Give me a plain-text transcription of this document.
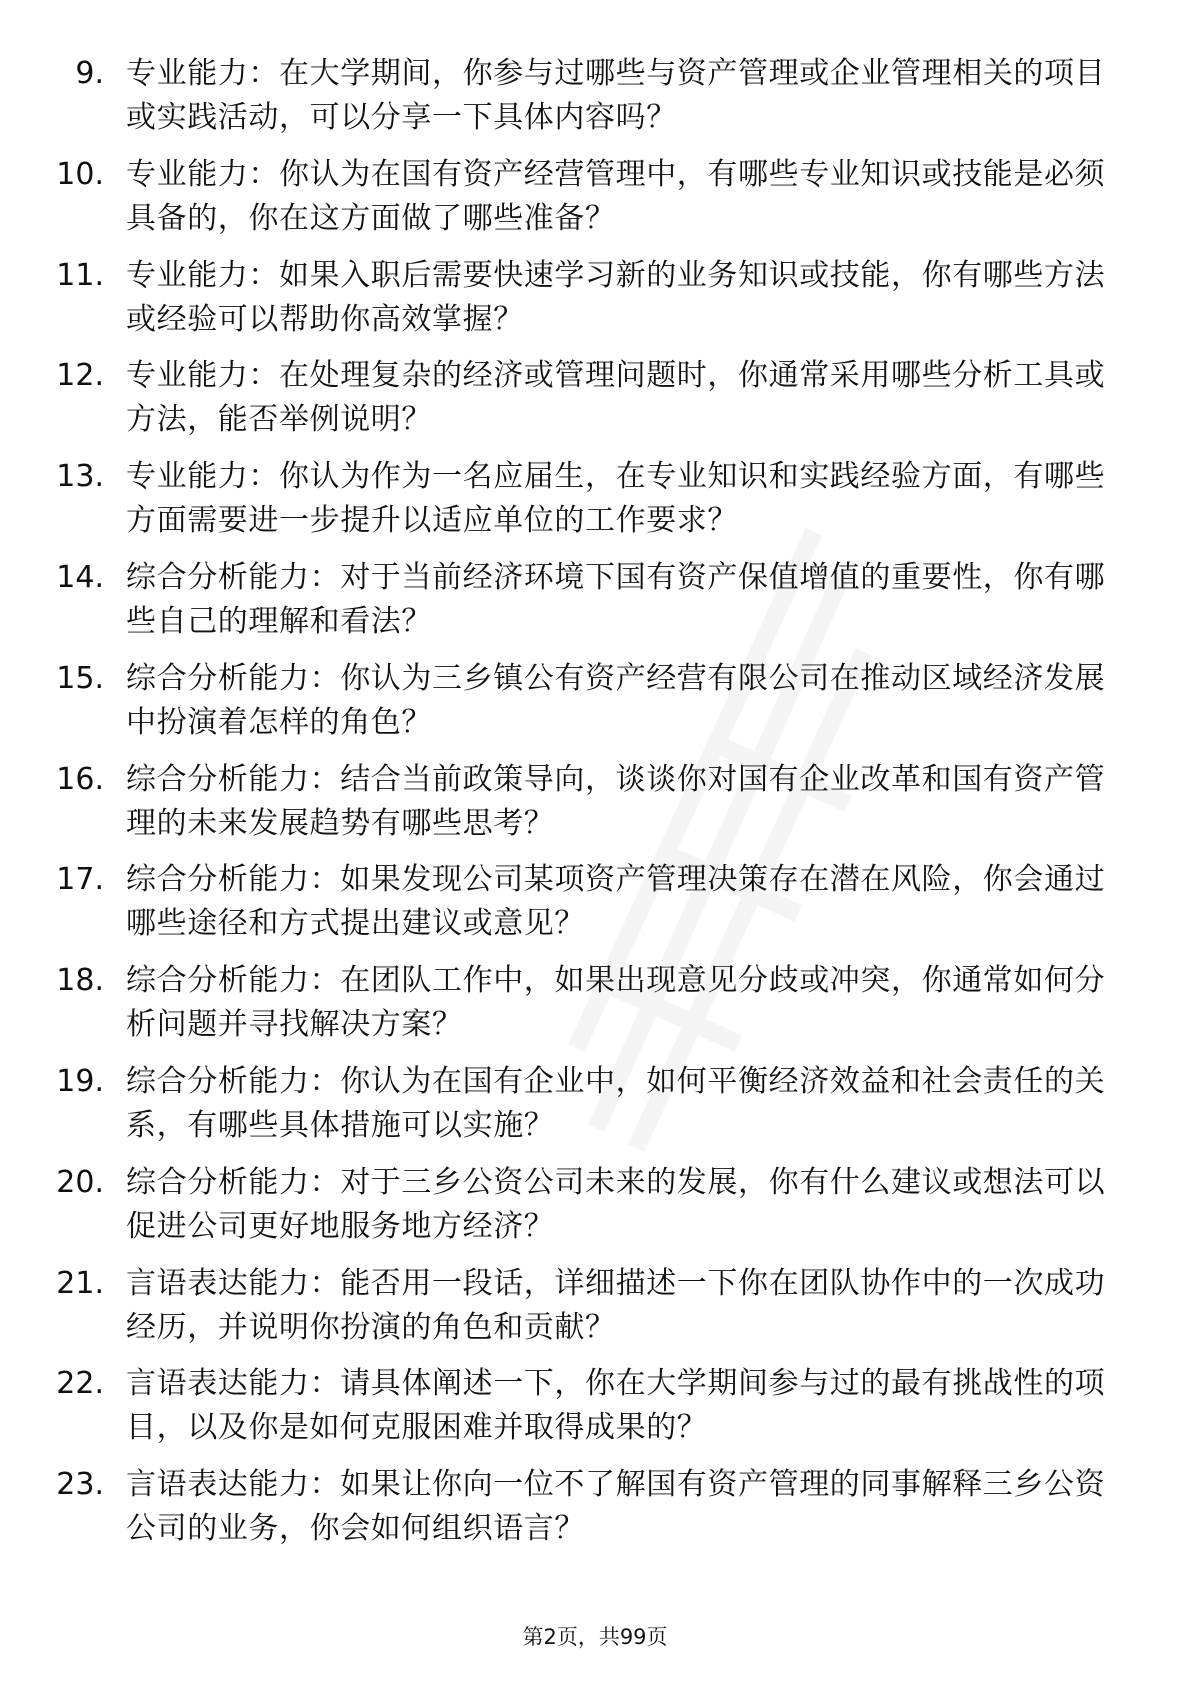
9. 专业能力：在大学期间，你参与过哪些与资产管理或企业管理相关的项目或实践活动，可以分享一下具体内容吗？
10. 专业能力：你认为在国有资产经营管理中，有哪些专业知识或技能是必须具备的，你在这方面做了哪些准备？
11. 专业能力：如果入职后需要快速学习新的业务知识或技能，你有哪些方法或经验可以帮助你高效掌握？
12. 专业能力：在处理复杂的经济或管理问题时，你通常采用哪些分析工具或方法，能否举例说明？
13. 专业能力：你认为作为一名应届生，在专业知识和实践经验方面，有哪些方面需要进一步提升以适应单位的工作要求？
14. 综合分析能力：对于当前经济环境下国有资产保值增值的重要性，你有哪些自己的理解和看法？
15. 综合分析能力：你认为三乡镇公有资产经营有限公司在推动区域经济发展中扮演着怎样的角色？
16. 综合分析能力：结合当前政策导向，谈谈你对国有企业改革和国有资产管理的未来发展趋势有哪些思考？
17. 综合分析能力：如果发现公司某项资产管理决策存在潜在风险，你会通过哪些途径和方式提出建议或意见？
18. 综合分析能力：在团队工作中，如果出现意见分歧或冲突，你通常如何分析问题并寻找解决方案？
19. 综合分析能力：你认为在国有企业中，如何平衡经济效益和社会责任的关系，有哪些具体措施可以实施？
20. 综合分析能力：对于三乡公资公司未来的发展，你有什么建议或想法可以促进公司更好地服务地方经济？
21. 言语表达能力：能否用一段话，详细描述一下你在团队协作中的一次成功经历，并说明你扮演的角色和贡献？
22. 言语表达能力：请具体阐述一下，你在大学期间参与过的最有挑战性的项目，以及你是如何克服困难并取得成果的？
23. 言语表达能力：如果让你向一位不了解国有资产管理的同事解释三乡公资公司的业务，你会如何组织语言？
第2页，共99页
